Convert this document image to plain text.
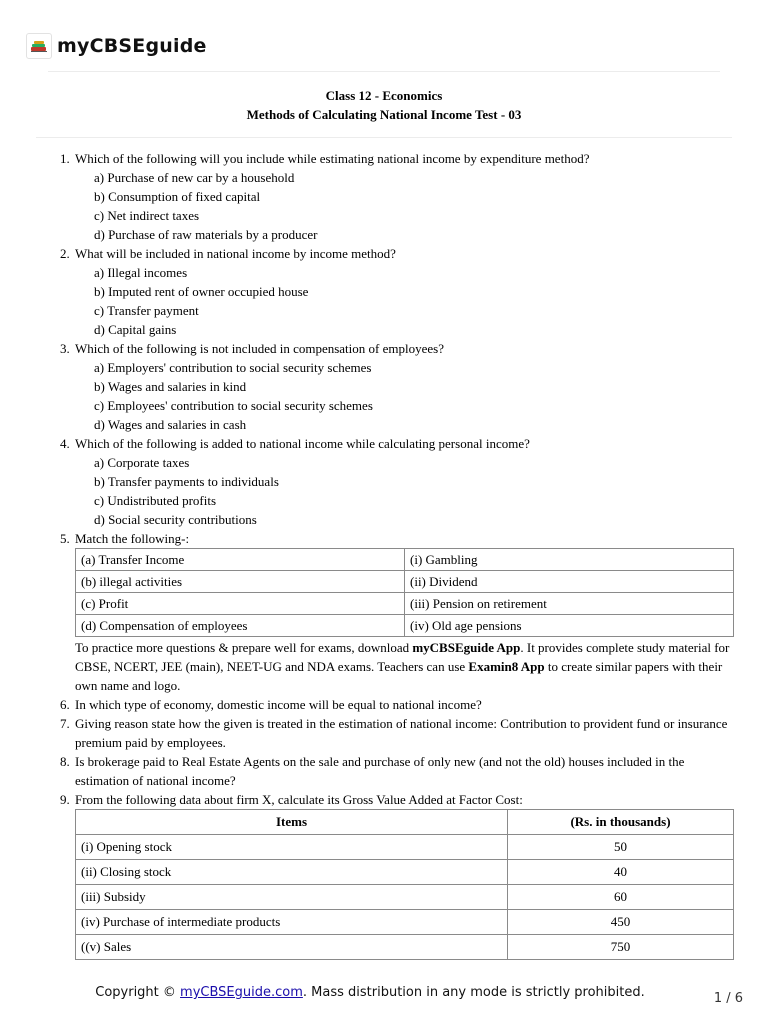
myCBSEguide
Class 12 - Economics
Methods of Calculating National Income Test - 03
1. Which of the following will you include while estimating national income by expenditure method?
a) Purchase of new car by a household
b) Consumption of fixed capital
c) Net indirect taxes
d) Purchase of raw materials by a producer
2. What will be included in national income by income method?
a) Illegal incomes
b) Imputed rent of owner occupied house
c) Transfer payment
d) Capital gains
3. Which of the following is not included in compensation of employees?
a) Employers' contribution to social security schemes
b) Wages and salaries in kind
c) Employees' contribution to social security schemes
d) Wages and salaries in cash
4. Which of the following is added to national income while calculating personal income?
a) Corporate taxes
b) Transfer payments to individuals
c) Undistributed profits
d) Social security contributions
5. Match the following-:
(a) Transfer Income	(i) Gambling
(b) illegal activities	(ii) Dividend
(c) Profit	(iii) Pension on retirement
(d) Compensation of employees	(iv) Old age pensions
To practice more questions & prepare well for exams, download myCBSEguide App. It provides complete study material for CBSE, NCERT, JEE (main), NEET-UG and NDA exams. Teachers can use Examin8 App to create similar papers with their own name and logo.
6. In which type of economy, domestic income will be equal to national income?
7. Giving reason state how the given is treated in the estimation of national income: Contribution to provident fund or insurance premium paid by employees.
8. Is brokerage paid to Real Estate Agents on the sale and purchase of only new (and not the old) houses included in the estimation of national income?
9. From the following data about firm X, calculate its Gross Value Added at Factor Cost:
Items	(Rs. in thousands)
(i) Opening stock	50
(ii) Closing stock	40
(iii) Subsidy	60
(iv) Purchase of intermediate products	450
((v) Sales	750
Copyright © myCBSEguide.com. Mass distribution in any mode is strictly prohibited.	1 / 6
